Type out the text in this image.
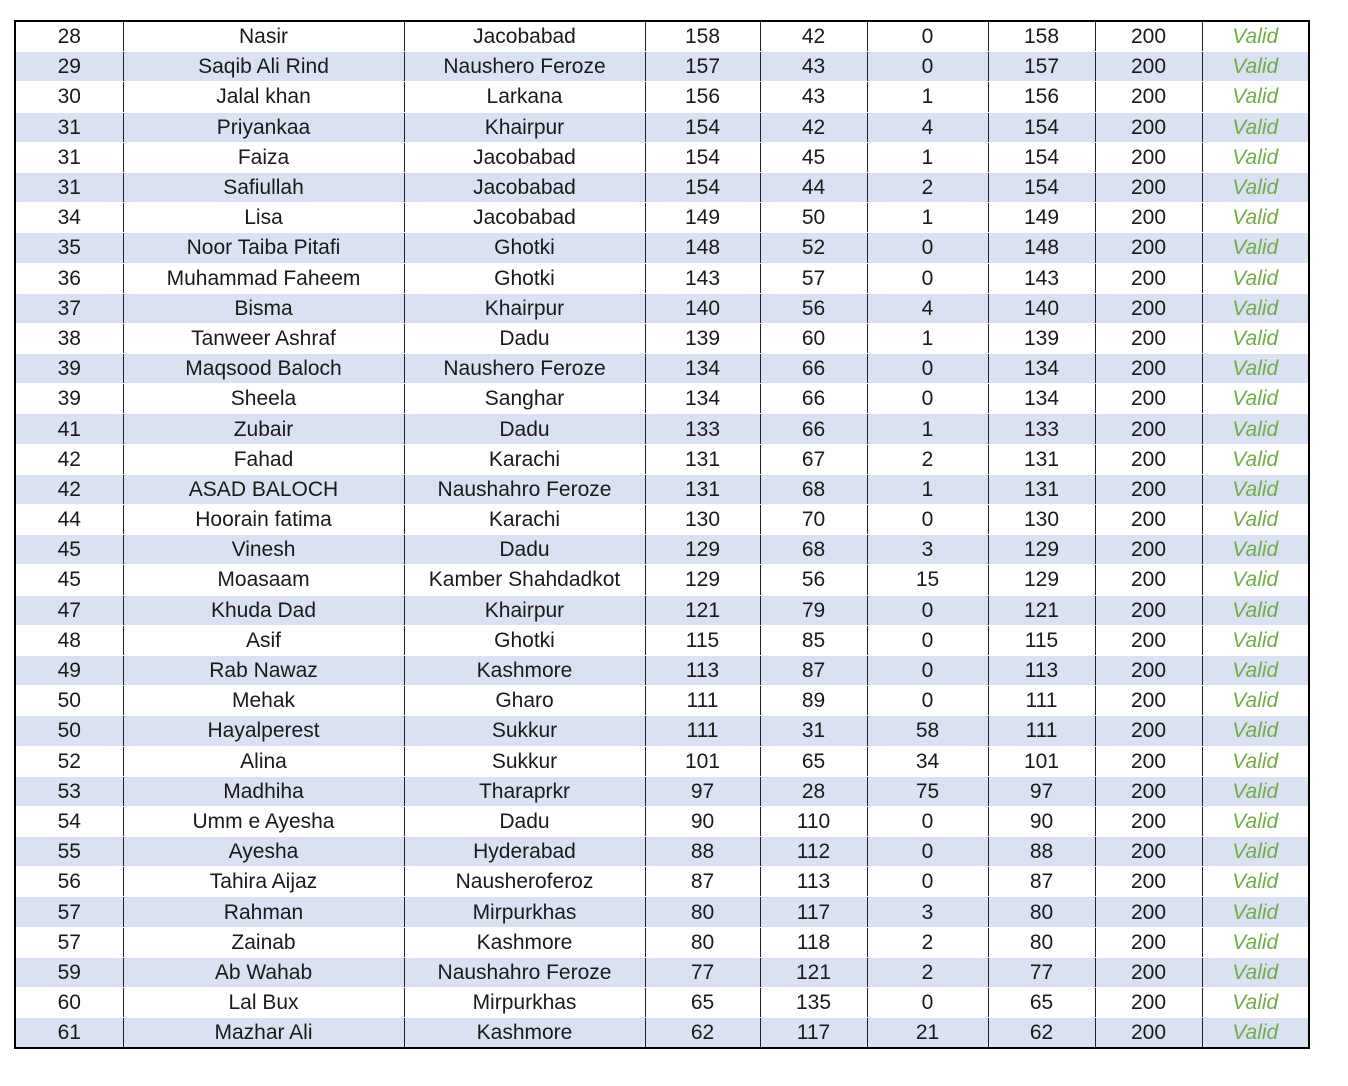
28	Nasir	Jacobabad	158	42	0	158	200	Valid
29	Saqib Ali Rind	Naushero Feroze	157	43	0	157	200	Valid
30	Jalal khan	Larkana	156	43	1	156	200	Valid
31	Priyankaa	Khairpur	154	42	4	154	200	Valid
31	Faiza	Jacobabad	154	45	1	154	200	Valid
31	Safiullah	Jacobabad	154	44	2	154	200	Valid
34	Lisa	Jacobabad	149	50	1	149	200	Valid
35	Noor Taiba Pitafi	Ghotki	148	52	0	148	200	Valid
36	Muhammad Faheem	Ghotki	143	57	0	143	200	Valid
37	Bisma	Khairpur	140	56	4	140	200	Valid
38	Tanweer Ashraf	Dadu	139	60	1	139	200	Valid
39	Maqsood Baloch	Naushero Feroze	134	66	0	134	200	Valid
39	Sheela	Sanghar	134	66	0	134	200	Valid
41	Zubair	Dadu	133	66	1	133	200	Valid
42	Fahad	Karachi	131	67	2	131	200	Valid
42	ASAD BALOCH	Naushahro Feroze	131	68	1	131	200	Valid
44	Hoorain fatima	Karachi	130	70	0	130	200	Valid
45	Vinesh	Dadu	129	68	3	129	200	Valid
45	Moasaam	Kamber Shahdadkot	129	56	15	129	200	Valid
47	Khuda Dad	Khairpur	121	79	0	121	200	Valid
48	Asif	Ghotki	115	85	0	115	200	Valid
49	Rab Nawaz	Kashmore	113	87	0	113	200	Valid
50	Mehak	Gharo	111	89	0	111	200	Valid
50	Hayalperest	Sukkur	111	31	58	111	200	Valid
52	Alina	Sukkur	101	65	34	101	200	Valid
53	Madhiha	Tharaprkr	97	28	75	97	200	Valid
54	Umm e Ayesha	Dadu	90	110	0	90	200	Valid
55	Ayesha	Hyderabad	88	112	0	88	200	Valid
56	Tahira Aijaz	Nausheroferoz	87	113	0	87	200	Valid
57	Rahman	Mirpurkhas	80	117	3	80	200	Valid
57	Zainab	Kashmore	80	118	2	80	200	Valid
59	Ab Wahab	Naushahro Feroze	77	121	2	77	200	Valid
60	Lal Bux	Mirpurkhas	65	135	0	65	200	Valid
61	Mazhar Ali	Kashmore	62	117	21	62	200	Valid
